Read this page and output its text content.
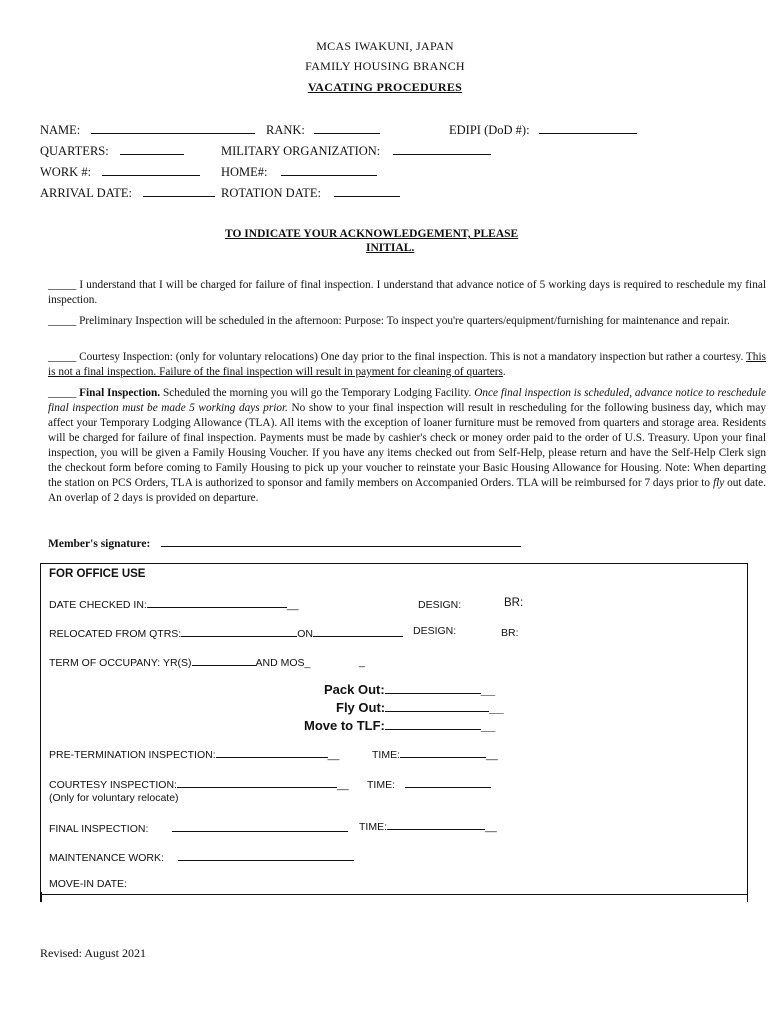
MCAS IWAKUNI, JAPAN
FAMILY HOUSING BRANCH
VACATING PROCEDURES
NAME:	RANK:	EDIPI (DoD #):
QUARTERS:	MILITARY ORGANIZATION:
WORK #:	HOME#:
ARRIVAL DATE:	ROTATION DATE:
TO INDICATE YOUR ACKNOWLEDGEMENT, PLEASE
INITIAL.
_____ I understand that I will be charged for failure of final inspection. I understand that advance notice of 5 working days is required to reschedule my final inspection.
_____ Preliminary Inspection will be scheduled in the afternoon: Purpose: To inspect you're quarters/equipment/furnishing for maintenance and repair.
_____ Courtesy Inspection: (only for voluntary relocations) One day prior to the final inspection. This is not a mandatory inspection but rather a courtesy. This is not a final inspection. Failure of the final inspection will result in payment for cleaning of quarters.
_____ Final Inspection. Scheduled the morning you will go the Temporary Lodging Facility. Once final inspection is scheduled, advance notice to reschedule final inspection must be made 5 working days prior. No show to your final inspection will result in rescheduling for the following business day, which may affect your Temporary Lodging Allowance (TLA). All items with the exception of loaner furniture must be removed from quarters and storage area. Residents will be charged for failure of final inspection. Payments must be made by cashier's check or money order paid to the order of U.S. Treasury. Upon your final inspection, you will be given a Family Housing Voucher. If you have any items checked out from Self-Help, please return and have the Self-Help Clerk sign the checkout form before coming to Family Housing to pick up your voucher to reinstate your Basic Housing Allowance for Housing. Note: When departing the station on PCS Orders, TLA is authorized to sponsor and family members on Accompanied Orders. TLA will be reimbursed for 7 days prior to fly out date. An overlap of 2 days is provided on departure.
Member's signature:
FOR OFFICE USE
DATE CHECKED IN:	__	DESIGN:	BR:
RELOCATED FROM QTRS:	ON	DESIGN:	BR:
TERM OF OCCUPANY: YR(S)	AND MOS_	_
Pack Out:	__
Fly Out:	__
Move to TLF:	__
PRE-TERMINATION INSPECTION:	__	TIME:	__
COURTESY INSPECTION:	__ TIME:
(Only for voluntary relocate)
FINAL INSPECTION:	TIME:	__
MAINTENANCE WORK:
MOVE-IN DATE:
Revised: August 2021
